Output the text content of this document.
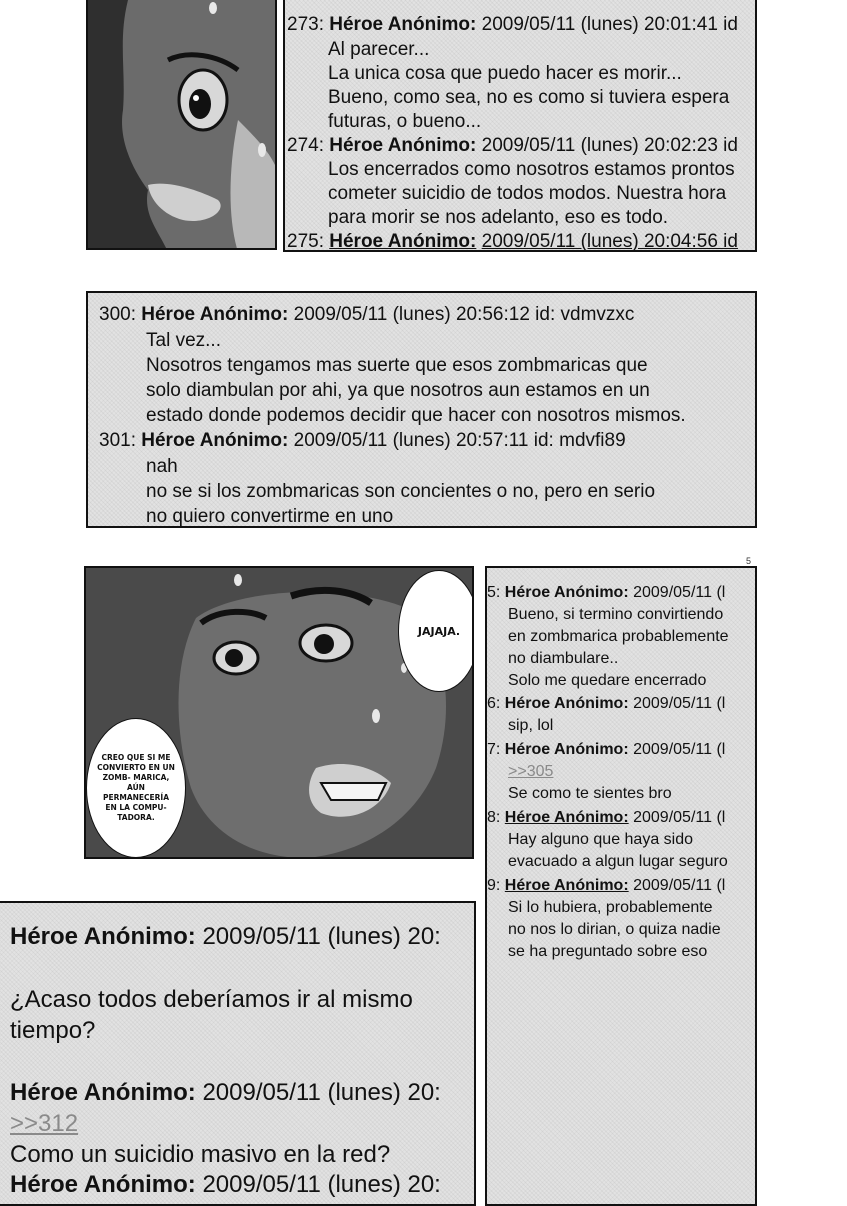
273: Héroe Anónimo: 2009/05/11 (lunes) 20:01:41 id
Al parecer...
La unica cosa que puedo hacer es morir...
Bueno, como sea, no es como si tuviera espera
futuras, o bueno...
274: Héroe Anónimo: 2009/05/11 (lunes) 20:02:23 id
Los encerrados como nosotros estamos prontos
cometer suicidio de todos modos. Nuestra hora
para morir se nos adelanto, eso es todo.
275: Héroe Anónimo: 2009/05/11 (lunes) 20:04:56 id
300: Héroe Anónimo: 2009/05/11 (lunes) 20:56:12 id: vdmvzxc
Tal vez...
Nosotros tengamos mas suerte que esos zombmaricas que
solo diambulan por ahi, ya que nosotros aun estamos en un
estado donde podemos decidir que hacer con nosotros mismos.
301: Héroe Anónimo: 2009/05/11 (lunes) 20:57:11 id: mdvfi89
nah
no se si los zombmaricas son concientes o no, pero en serio
no quiero convertirme en uno
5
JAJAJA.
CREO QUE SI ME CONVIERTO EN UN ZOMB- MARICA, AÚN PERMANECERÍA EN LA COMPU- TADORA.
5: Héroe Anónimo: 2009/05/11 (l
Bueno, si termino convirtiendo
en zombmarica probablemente
no diambulare..
Solo me quedare encerrado
6: Héroe Anónimo: 2009/05/11 (l
sip, lol
7: Héroe Anónimo: 2009/05/11 (l
>>305
Se como te sientes bro
8: Héroe Anónimo: 2009/05/11 (l
Hay alguno que haya sido
evacuado a algun lugar seguro
9: Héroe Anónimo: 2009/05/11 (l
Si lo hubiera, probablemente
no nos lo dirian, o quiza nadie
se ha preguntado sobre eso
Héroe Anónimo: 2009/05/11 (lunes) 20:
¿Acaso todos deberíamos ir al mismo
tiempo?
Héroe Anónimo: 2009/05/11 (lunes) 20:
>>312
Como un suicidio masivo en la red?
Héroe Anónimo: 2009/05/11 (lunes) 20:
